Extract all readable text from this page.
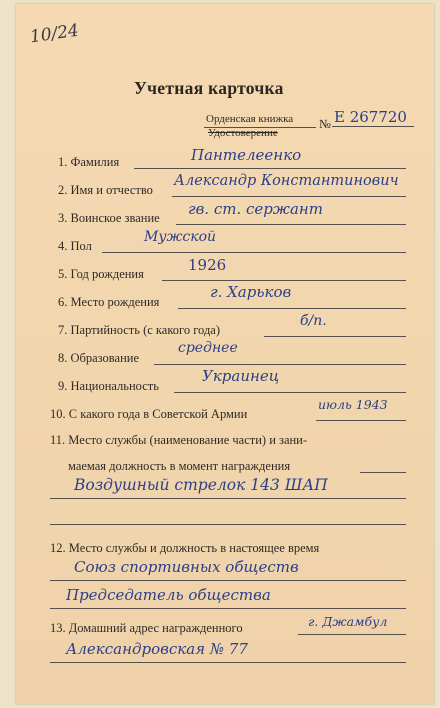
10/24
Учетная карточка
Орденская книжка
Удостоверение
№ Е 267720
1. Фамилия	Пантелеенко
2. Имя и отчество
Александр Константинович
3. Воинское звание гв. ст. сержант
4. Пол
Мужской
5. Год рождения	1926
6. Место рождения
г. Харьков
7. Партийность (с какого года)
б/п.
8. Образование
среднее
9. Национальность
Украинец
10. С какого года в Советской Армии
июль 1943
11. Место службы (наименование части) и зани-
маемая должность в момент награждения
Воздушный стрелок 143 ШАП
12. Место службы и должность в настоящее время
Союз спортивных обществ
Председатель общества
13. Домашний адрес награжденного	г. Джамбул
Александровская № 77
